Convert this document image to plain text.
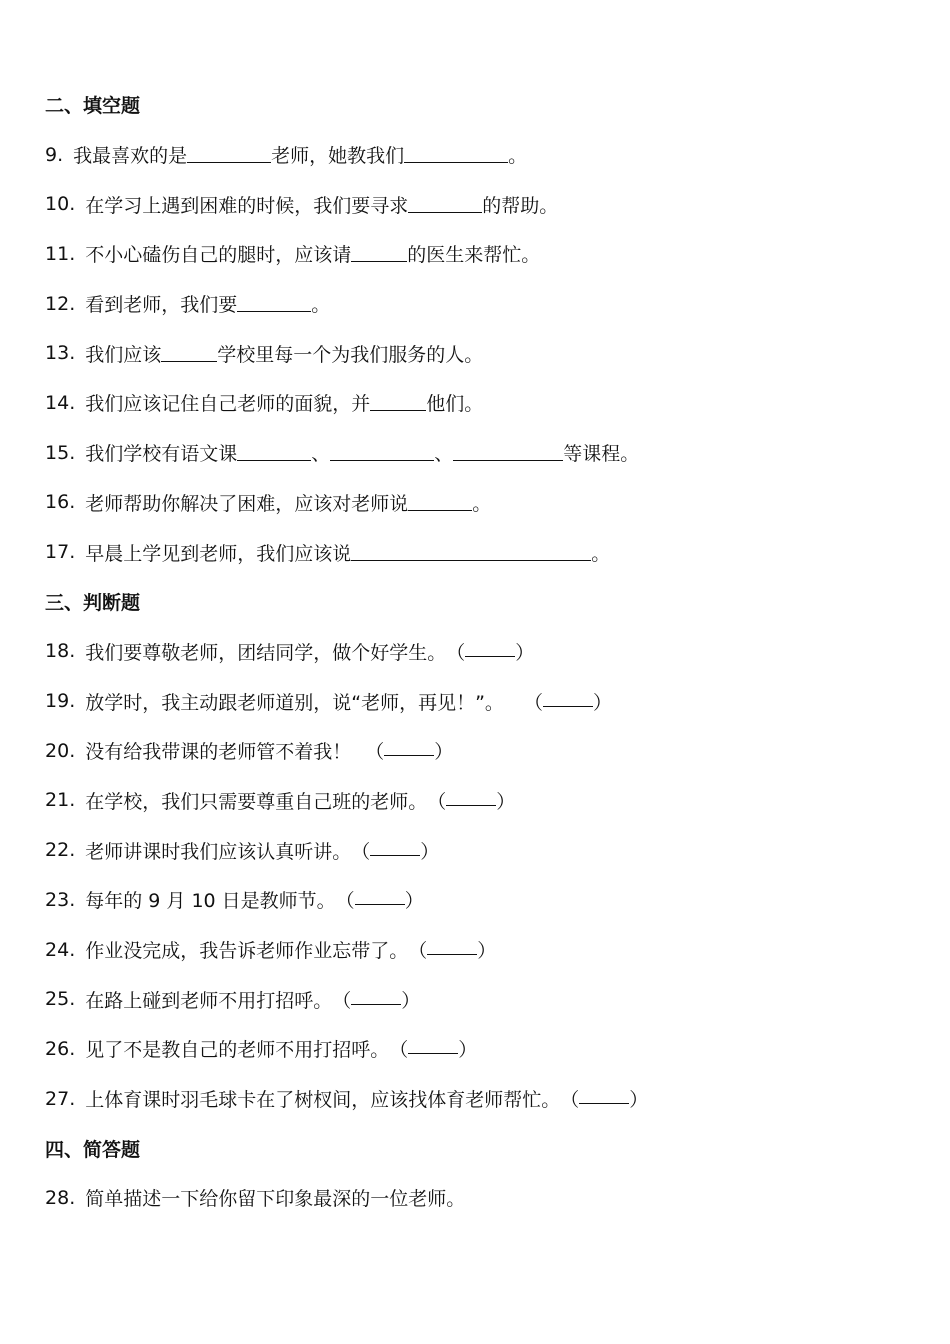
二、填空题
9 . 我最喜欢的是	老师，她教我们	。
10 . 在学习上遇到困难的时候，我们要寻求	的帮助。
11 . 不小心磕伤自己的腿时，应该请	的医生来帮忙。
12 . 看到老师，我们要	。
13 . 我们应该	学校里每一个为我们服务的人。
14 . 我们应该记住自己老师的面貌，并	他们。
15 . 我们学校有语文课	、	、	等课程。
16 . 老师帮助你解决了困难，应该对老师说	。
17 . 早晨上学见到老师，我们应该说	。
三、判断题
18 . 我们要尊敬老师，团结同学，做个好学生。 （	）
19 . 放学时，我主动跟老师道别，说“老师，再见！”。 （	）
20 . 没有给我带课的老师管不着我！ （	）
21 . 在学校，我们只需要尊重自己班的老师。 （	）
22 . 老师讲课时我们应该认真听讲。 （	）
23 . 每年的 9 月 10 日是教师节。 （	）
24 . 作业没完成，我告诉老师作业忘带了。 （	）
25 . 在路上碰到老师不用打招呼。 （	）
26 . 见了不是教自己的老师不用打招呼。 （	）
27 . 上体育课时羽毛球卡在了树杈间，应该找体育老师帮忙。 （	）
四、简答题
28 . 简单描述一下给你留下印象最深的一位老师。
